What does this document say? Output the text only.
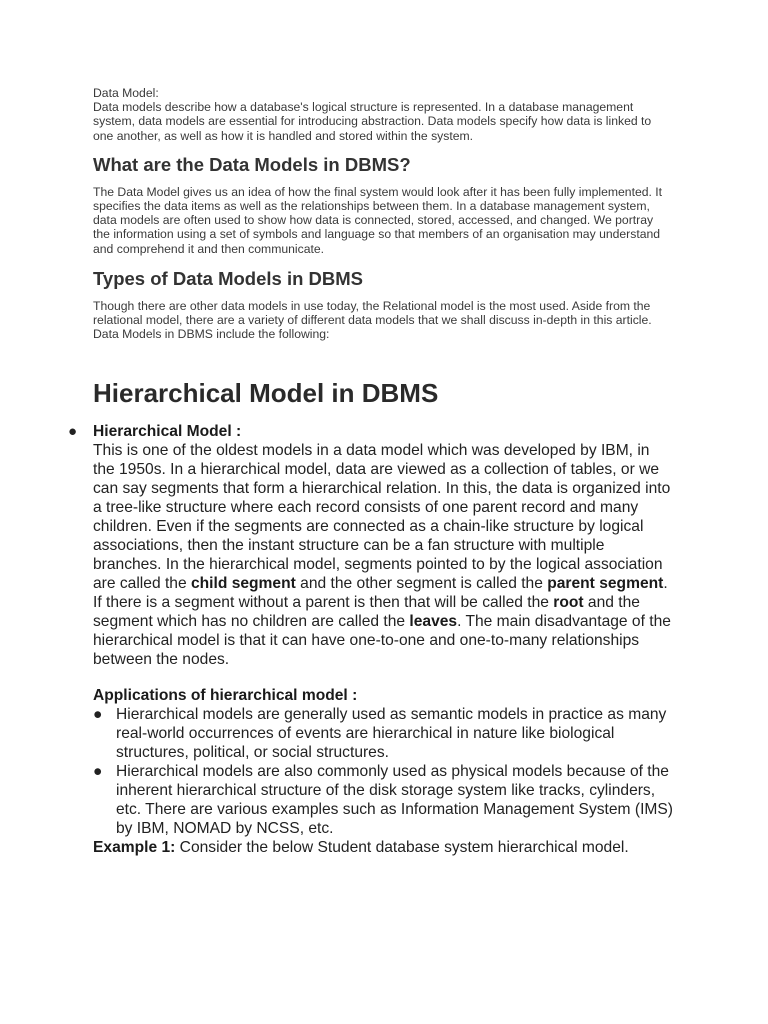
Data Model:

Data models describe how a database's logical structure is represented. In a database management system, data models are essential for introducing abstraction. Data models specify how data is linked to one another, as well as how it is handled and stored within the system.

What are the Data Models in DBMS?

The Data Model gives us an idea of how the final system would look after it has been fully implemented. It specifies the data items as well as the relationships between them. In a database management system, data models are often used to show how data is connected, stored, accessed, and changed. We portray the information using a set of symbols and language so that members of an organisation may understand and comprehend it and then communicate.

Types of Data Models in DBMS

Though there are other data models in use today, the Relational model is the most used. Aside from the relational model, there are a variety of different data models that we shall discuss in-depth in this article. Data Models in DBMS include the following:

Hierarchical Model in DBMS
● Hierarchical Model :
This is one of the oldest models in a data model which was developed by IBM, in the 1950s. In a hierarchical model, data are viewed as a collection of tables, or we can say segments that form a hierarchical relation. In this, the data is organized into a tree-like structure where each record consists of one parent record and many children. Even if the segments are connected as a chain-like structure by logical associations, then the instant structure can be a fan structure with multiple branches. In the hierarchical model, segments pointed to by the logical association are called the child segment and the other segment is called the parent segment. If there is a segment without a parent is then that will be called the root and the segment which has no children are called the leaves. The main disadvantage of the hierarchical model is that it can have one-to-one and one-to-many relationships between the nodes.
Applications of hierarchical model :
● Hierarchical models are generally used as semantic models in practice as many real-world occurrences of events are hierarchical in nature like biological structures, political, or social structures.
● Hierarchical models are also commonly used as physical models because of the inherent hierarchical structure of the disk storage system like tracks, cylinders, etc. There are various examples such as Information Management System (IMS) by IBM, NOMAD by NCSS, etc.
Example 1: Consider the below Student database system hierarchical model.
